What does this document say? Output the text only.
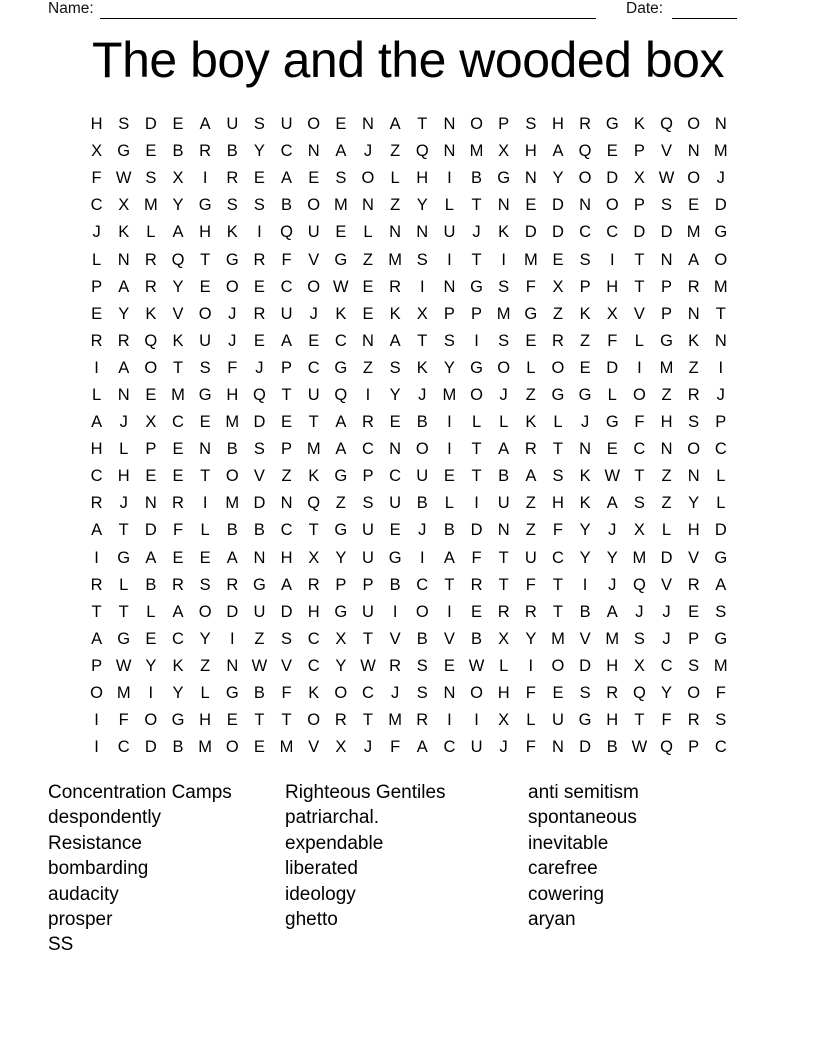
Name:	Date:
The boy and the wooded box
H S D E A U S U O E N A	T N O P S H R G K Q O N
X G E B R B Y C N A	J	Z Q N M X H A Q E P V N M
F W S X	I	R E A E S O L	H	I	B G N Y O D X W O	J
C X M Y G S S B O M N Z	Y	L	T N E D N O P S E D
J	K	L	A H K	I	Q U E	L	N N U	J	K D D C C D D M G
L	N R Q T G R F	V G Z M S	I	T	I	M E S	I	T N A O
P A R Y E O E C O W E R	I	N G S	F	X P H T	P R M
E Y K V O	J	R U	J	K E K X P P M G Z	K X V P N T
R R Q K U	J	E A E C N A	T	S	I	S E R Z	F	L G K N
I	A O T	S	F	J	P C G Z	S K Y G O L O E D	I	M Z	I
L	N E M G H Q T U Q	I	Y	J M O	J	Z G G L O Z R	J
A	J	X C E M D E	T	A R E B	I	L	L	K	L	J	G F H S P
H	L	P E N B S P M A C N O	I	T	A R T N E C N O C
C H E E	T O V	Z	K G P C U E	T	B A S K W T	Z N	L
R	J	N R	I	M D N Q Z	S U B	L	I	U Z H K A S	Z	Y	L
A	T D F	L	B B C T G U E	J	B D N Z	F	Y	J	X	L	H D
I	G A E E A N H X Y U G	I	A	F	T U C Y Y M D V G
R	L	B R S R G A R P P B C T R T	F	T	I	J	Q V R A
T	T	L	A O D U D H G U	I	O	I	E R R T	B A	J	J	E S
A G E C Y	I	Z	S C X	T	V B V B X Y M V M S	J	P G
P W Y K	Z N W V C Y W R S E W L	I	O D H X C S M
O M	I	Y	L G B	F	K O C	J	S N O H F	E S R Q Y O F
I	F O G H E	T	T O R T M R	I	I	X	L	U G H T	F R S
I	C D B M O E M V X	J	F	A C U	J	F N D B W Q P C
Concentration Camps
despondently
Resistance
bombarding
audacity
prosper
SS
Righteous Gentiles
patriarchal.
expendable
liberated
ideology
ghetto
anti semitism
spontaneous
inevitable
carefree
cowering
aryan
